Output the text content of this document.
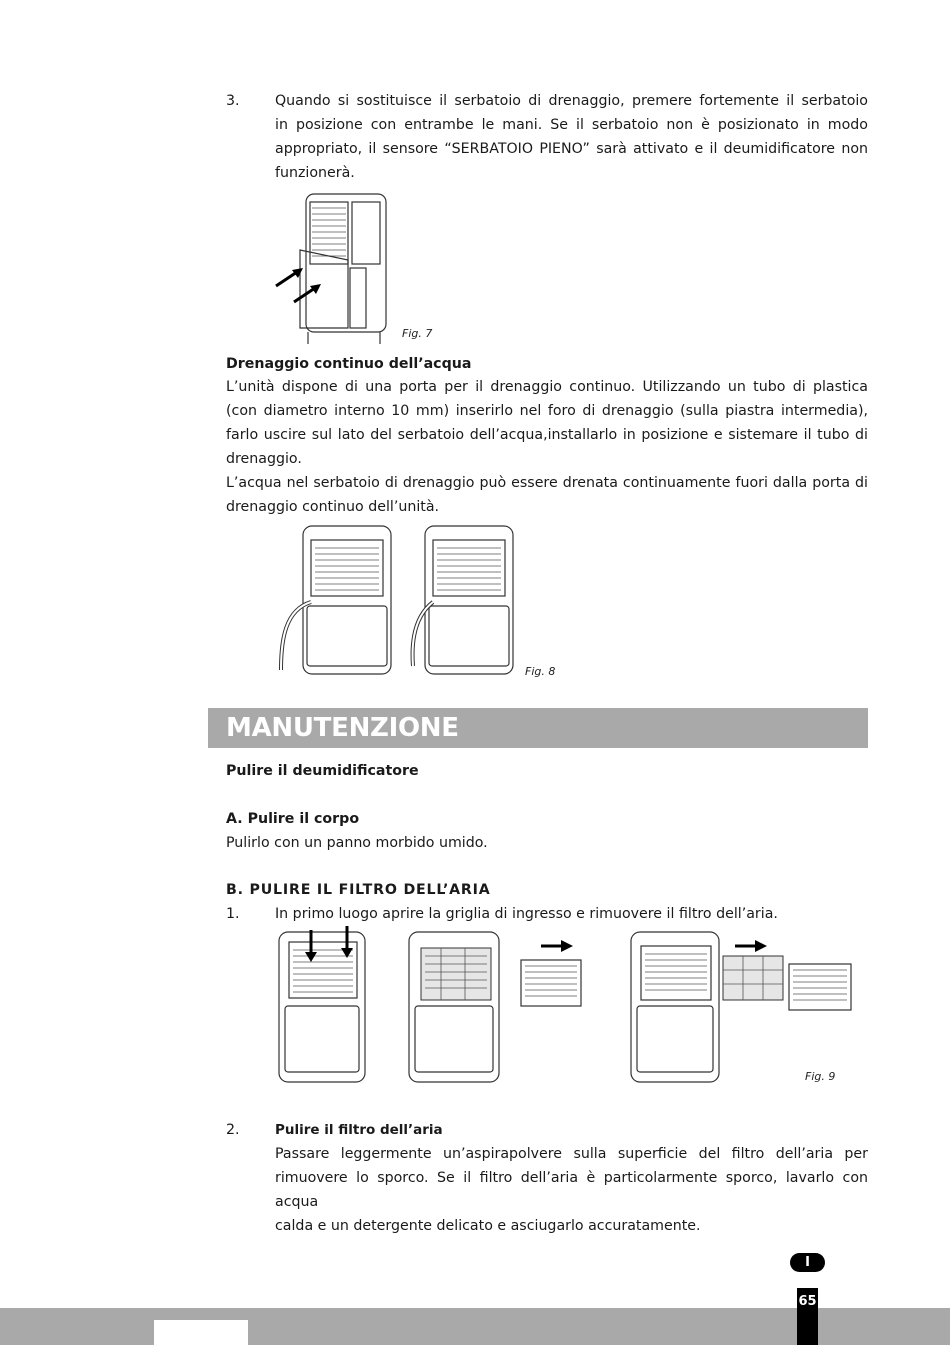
3. Quando si sostituisce il serbatoio di drenaggio, premere fortemente il serbatoio

in posizione con entrambe le mani. Se il serbatoio non è posizionato in modo

appropriato, il sensore “SERBATOIO PIENO” sarà attivato e il deumidificatore non

funzionerà.

Fig. 7
Drenaggio continuo dell’acqua

L’unità dispone di una porta per il drenaggio continuo. Utilizzando un tubo di plastica

(con diametro interno 10 mm) inserirlo nel foro di drenaggio (sulla piastra intermedia),

farlo uscire sul lato del serbatoio dell’acqua,installarlo in posizione e sistemare il tubo di

drenaggio.

L’acqua nel serbatoio di drenaggio può essere drenata continuamente fuori dalla porta di

drenaggio continuo dell’unità.

Fig. 8
MANUTENZIONE
Pulire il deumidificatore
A. Pulire il corpo
Pulirlo con un panno morbido umido.
B. PULIRE IL FILTRO DELL’ARIA
1. In primo luogo aprire la griglia di ingresso e rimuovere il filtro dell’aria.
Fig. 9
2.	Pulire il filtro dell’aria

Passare leggermente un’aspirapolvere sulla superficie del filtro dell’aria per

rimuovere lo sporco. Se il filtro dell’aria è particolarmente sporco, lavarlo con acqua

calda e un detergente delicato e asciugarlo accuratamente.

I
65
